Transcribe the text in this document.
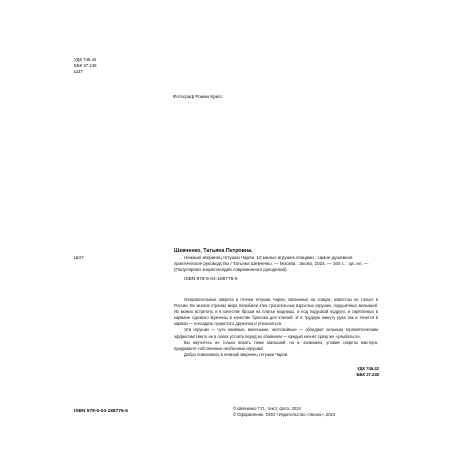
УДК 746.42
ББК 37.248
Ш37
Фотограф Роман Крисс
Ш37
Шевченко, Татьяна Петровна.
Нежный зверинец тетушки Чарли. 10 милых игрушек спицами : самое душевное практическое руководство / Татьяна Шевченко. — Москва : Эксмо, 2024. — 160 с. : цв. ил. — (Популярная энциклопедия современного рукоделия).
ISBN 978-5-04-188776-6

Очаровательные зверята и птички тетушки Чарли, связанные на спицах, известны не только в России. Во многих странах мира полюбили этих трогательных взрослых игрушек, подушечных малышей. Их можно встретить и в качестве броши на платье модницы, и под подушкой подруги, и спрятанных в кармане сурового мужчины в качестве брелока для ключей. И в трудную минуту рука так и тянется в карман — погладить пушистого дружочка и успокоиться.

Эти игрушки — чуть наивные, маленькие, неспокойные — обладают сильным терапевтическим эффектом! Никто не в силах устоять перед их обаянием — каждый начнет сразу же «улыбаться».

Вы научитесь не только вязать таких малышей, но и, возможно, уловив секреты мастера, придумаете собственные необычные игрушки!

Добро пожаловать в нежный зверинец тетушки Чарли.

УДК 746.42
ББК 37.248
ISBN 978-5-04-188776-6
© Шевченко Т.П., текст, фото, 2024
© Оформление. ООО «Издательство «Эксмо», 2024
